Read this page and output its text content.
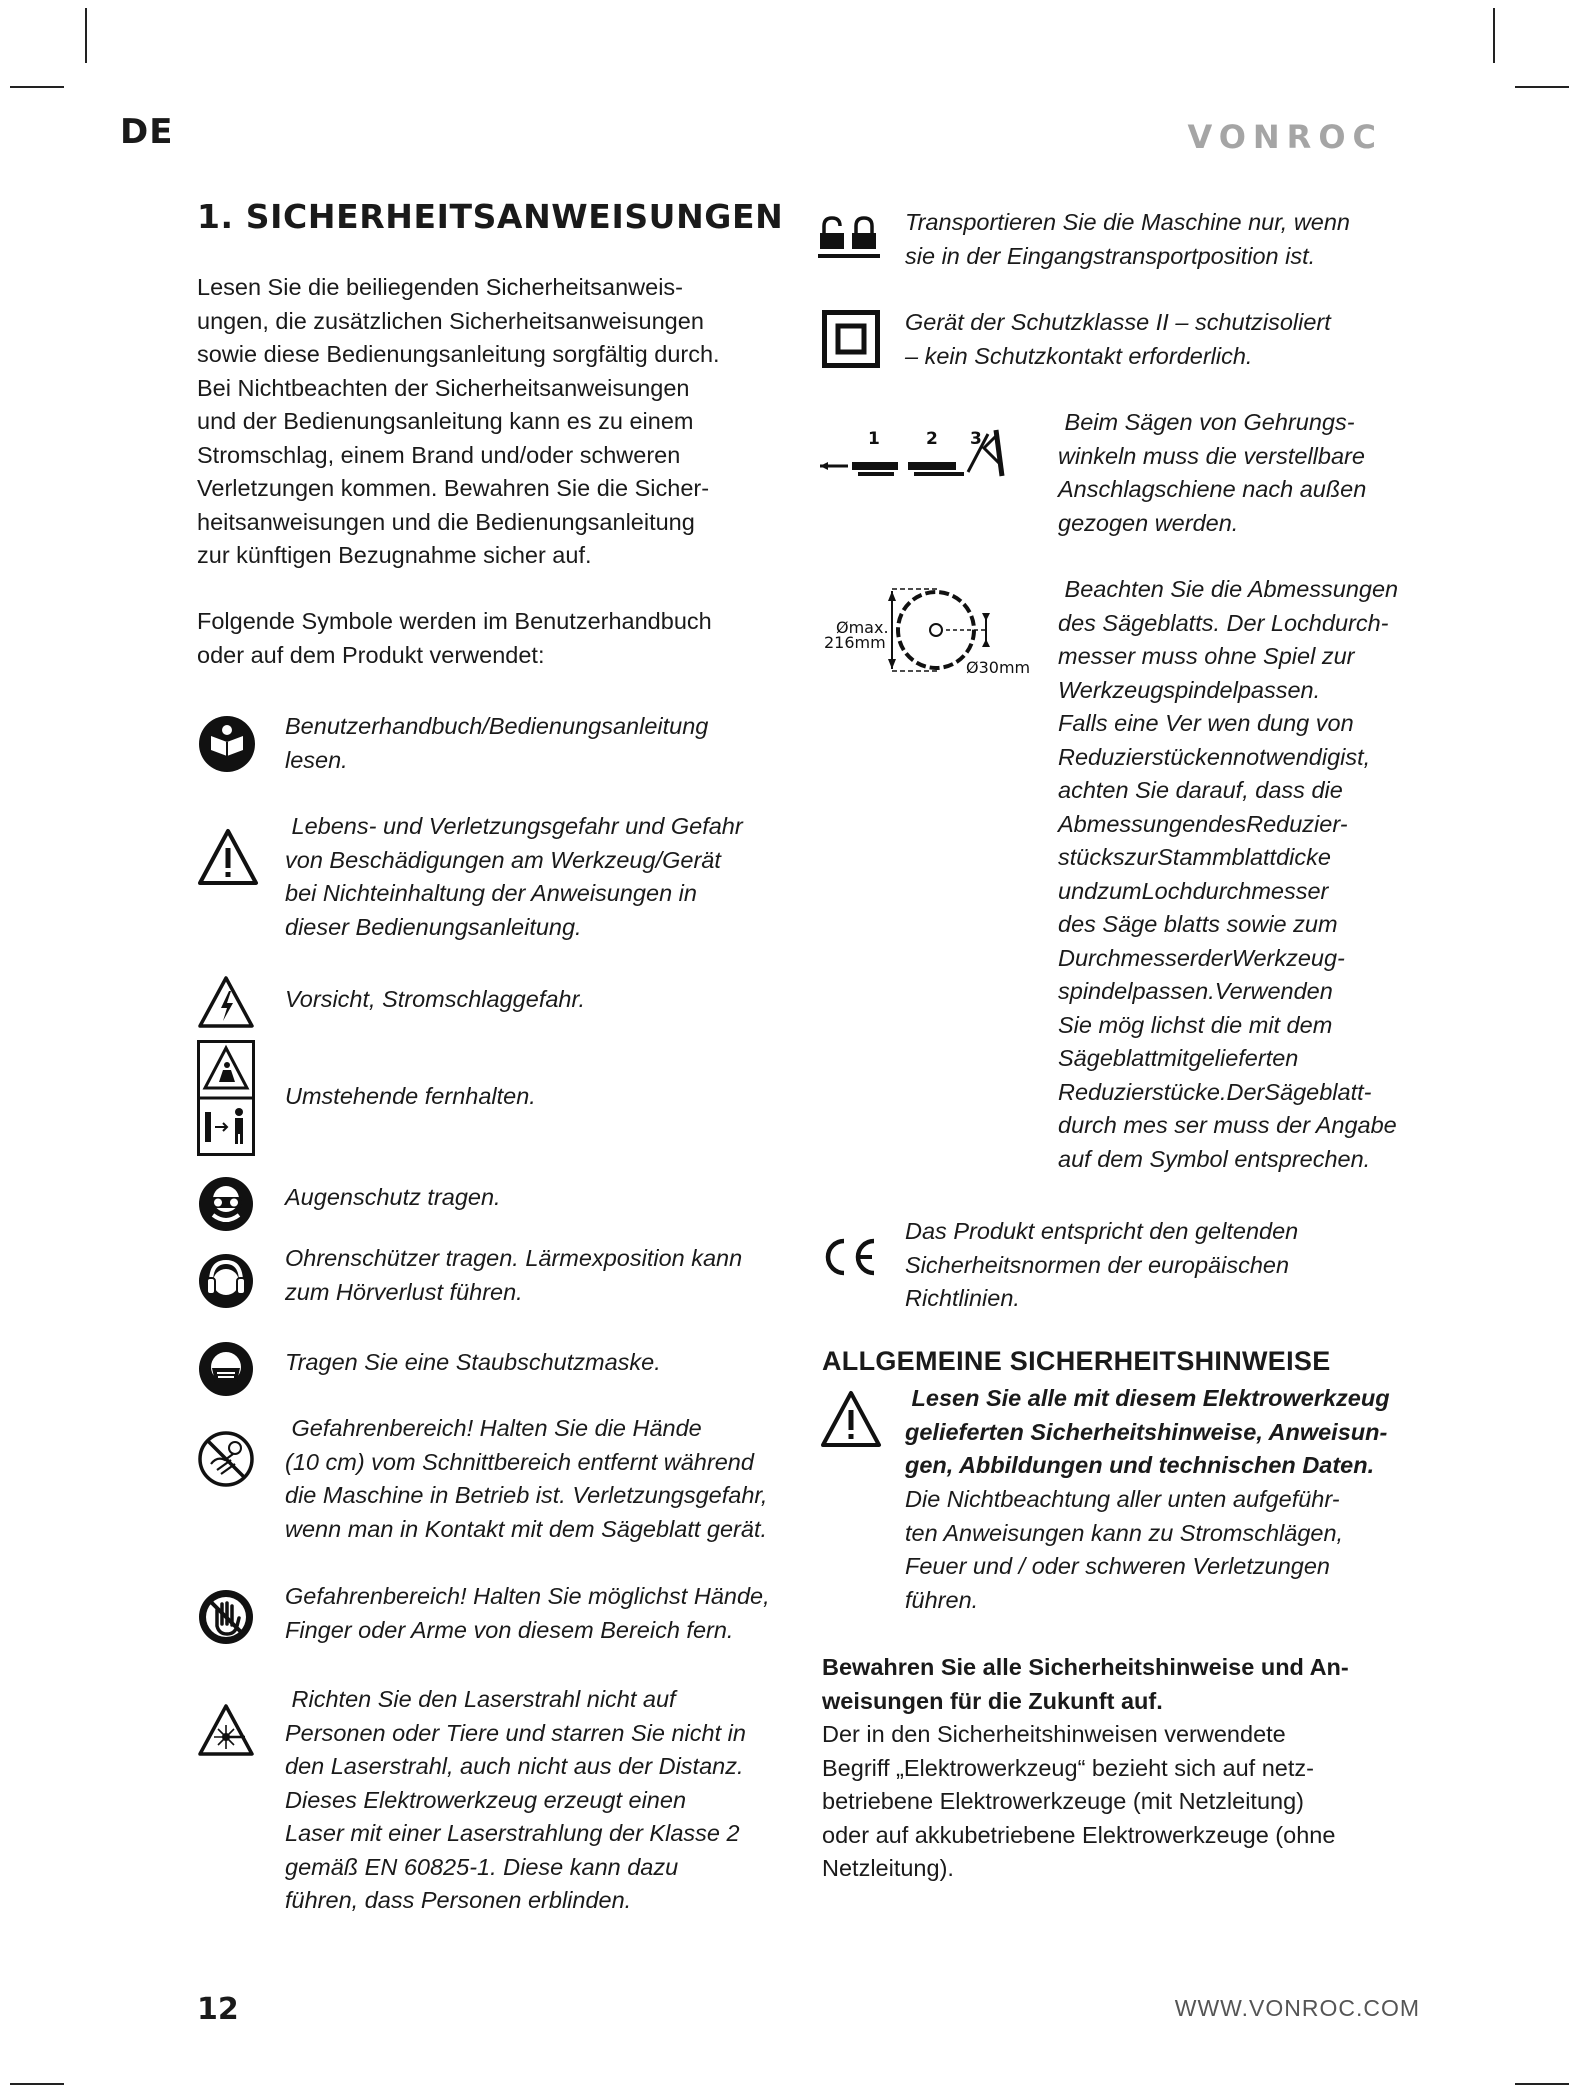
DE	VONROC
1. SICHERHEITSANWEISUNGEN
Lesen Sie die beiliegenden Sicherheitsanweis-
ungen, die zusätzlichen Sicherheitsanweisungen
sowie diese Bedienungsanleitung sorgfältig durch.
Bei Nichtbeachten der Sicherheitsanweisungen
und der Bedienungsanleitung kann es zu einem
Stromschlag, einem Brand und/oder schweren
Verletzungen kommen. Bewahren Sie die Sicher-
heitsanweisungen und die Bedienungsanleitung
zur künftigen Bezugnahme sicher auf.
Folgende Symbole werden im Benutzerhandbuch
oder auf dem Produkt verwendet:
Benutzerhandbuch/Bedienungsanleitung
lesen.
Lebens- und Verletzungsgefahr und Gefahr
von Beschädigungen am Werkzeug/Gerät
bei Nichteinhaltung der Anweisungen in
dieser Bedienungsanleitung.
Vorsicht, Stromschlaggefahr.
Umstehende fernhalten.
Augenschutz tragen.
Ohrenschützer tragen. Lärmexposition kann
zum Hörverlust führen.
Tragen Sie eine Staubschutzmaske.
Gefahrenbereich! Halten Sie die Hände
(10 cm) vom Schnittbereich entfernt während
die Maschine in Betrieb ist. Verletzungsgefahr,
wenn man in Kontakt mit dem Sägeblatt gerät.
Gefahrenbereich! Halten Sie möglichst Hände,
Finger oder Arme von diesem Bereich fern.
Richten Sie den Laserstrahl nicht auf
Personen oder Tiere und starren Sie nicht in
den Laserstrahl, auch nicht aus der Distanz.
Dieses Elektrowerkzeug erzeugt einen
Laser mit einer Laserstrahlung der Klasse 2
gemäß EN 60825-1. Diese kann dazu
führen, dass Personen erblinden.
Transportieren Sie die Maschine nur, wenn
sie in der Eingangstransportposition ist.
Gerät der Schutzklasse II – schutzisoliert
– kein Schutzkontakt erforderlich.
1	2 3
Beim Sägen von Gehrungs-
winkeln muss die verstellbare
Anschlagschiene nach außen
gezogen werden.
Ømax.
216mm
Ø30mm
Beachten Sie die Abmessungen
des Sägeblatts. Der Lochdurch-
messer muss ohne Spiel zur
Werkzeugspindelpassen.
Falls eine Ver wen dung von
Reduzierstückennotwendigist,
achten Sie darauf, dass die
AbmessungendesReduzier-
stückszurStammblattdicke
undzumLochdurchmesser
des Säge blatts sowie zum
DurchmesserderWerkzeug-
spindelpassen.Verwenden
Sie mög lichst die mit dem
Sägeblattmitgelieferten
Reduzierstücke.DerSägeblatt-
durch mes ser muss der Angabe
auf dem Symbol entsprechen.
Das Produkt entspricht den geltenden
Sicherheitsnormen der europäischen
Richtlinien.
ALLGEMEINE SICHERHEITSHINWEISE
Lesen Sie alle mit diesem Elektrowerkzeug
gelieferten Sicherheitshinweise, Anweisun-
gen, Abbildungen und technischen Daten.
Die Nichtbeachtung aller unten aufgeführ-
ten Anweisungen kann zu Stromschlägen,
Feuer und / oder schweren Verletzungen
führen.
Bewahren Sie alle Sicherheitshinweise und An-
weisungen für die Zukunft auf.
Der in den Sicherheitshinweisen verwendete
Begriff „Elektrowerkzeug“ bezieht sich auf netz-
betriebene Elektrowerkzeuge (mit Netzleitung)
oder auf akkubetriebene Elektrowerkzeuge (ohne
Netzleitung).
12	WWW.VONROC.COM
